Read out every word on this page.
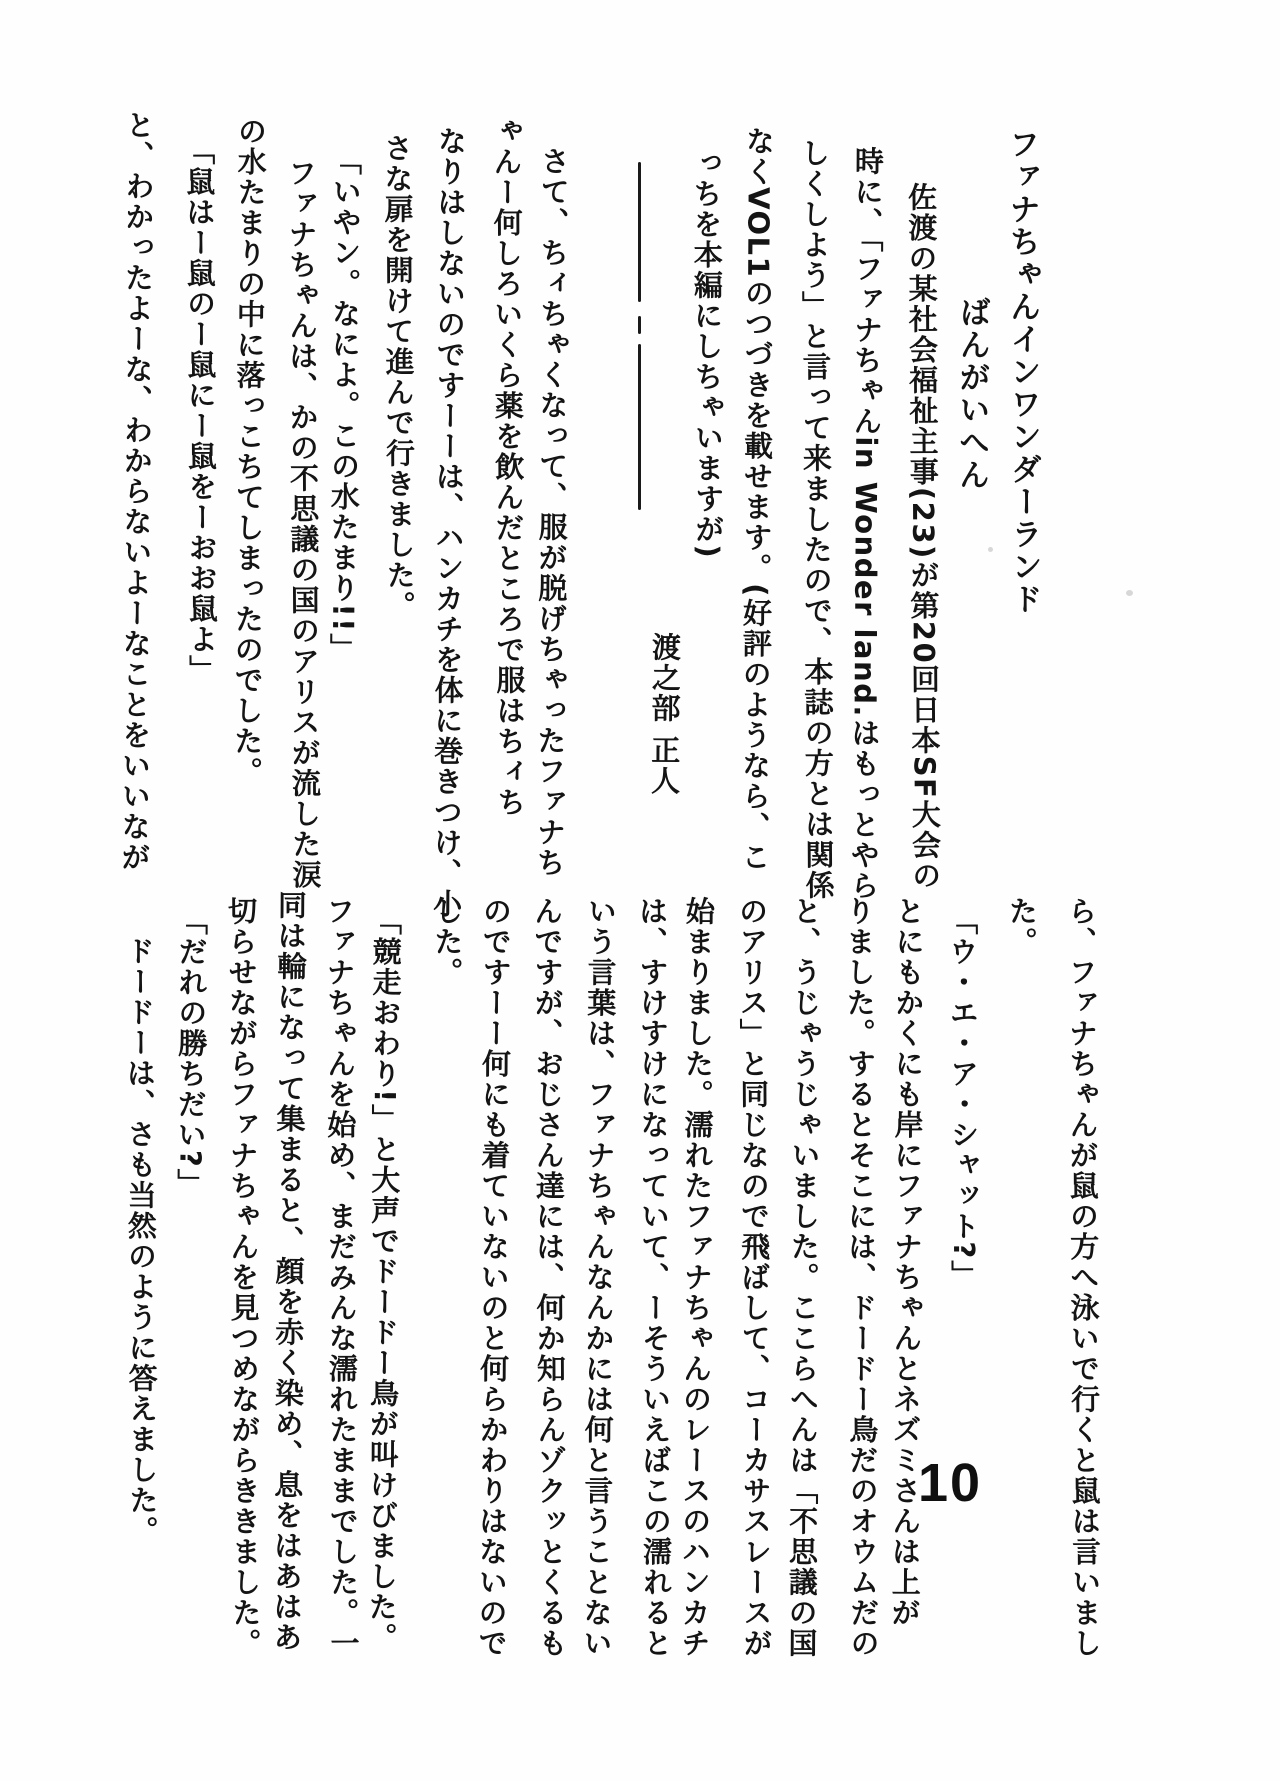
ファナちゃんインワンダーランド
ばんがいへん
佐渡の某社会福祉主事(23)が第20回日本SF大会の
時に、「ファナちゃんin Wonder land.はもっとやら
しくしよう」と言って来ましたので、本誌の方とは関係
なくVOL1のつづきを載せます。(好評のようなら、こ
っちを本編にしちゃいますが)
渡之部 正人
さて、ちィちゃくなって、服が脱げちゃったファナち
ゃんー何しろいくら薬を飲んだところで服はちィち
なりはしないのですーーは、ハンカチを体に巻きつけ、小
さな扉を開けて進んで行きました。
「いやン。なによ。この水たまり!!」
ファナちゃんは、かの不思議の国のアリスが流した涙
の水たまりの中に落っこちてしまったのでした。
「鼠はー鼠のー鼠にー鼠をーおお鼠よ」
と、わかったよーな、わからないよーなことをいいなが
ら、ファナちゃんが鼠の方へ泳いで行くと鼠は言いまし
た。
「ウ・エ・ア・シャット?」
とにもかくにも岸にファナちゃんとネズミさんは上が
りました。するとそこには、ドードー鳥だのオウムだの
と、うじゃうじゃいました。ここらへんは「不思議の国
のアリス」と同じなので飛ばして、コーカサスレースが
始まりました。濡れたファナちゃんのレースのハンカチ
は、すけすけになっていて、ーそういえばこの濡れると
いう言葉は、ファナちゃんなんかには何と言うことない
んですが、おじさん達には、何か知らんゾクッとくるも
のですーー何にも着ていないのと何らかわりはないので
した。
「競走おわり!」と大声でドードー鳥が叫けびました。
ファナちゃんを始め、まだみんな濡れたままでした。一
同は輪になって集まると、顔を赤く染め、息をはあはあ
切らせながらファナちゃんを見つめながらききました。
「だれの勝ちだい?」
ドードーは、さも当然のように答えました。	10
